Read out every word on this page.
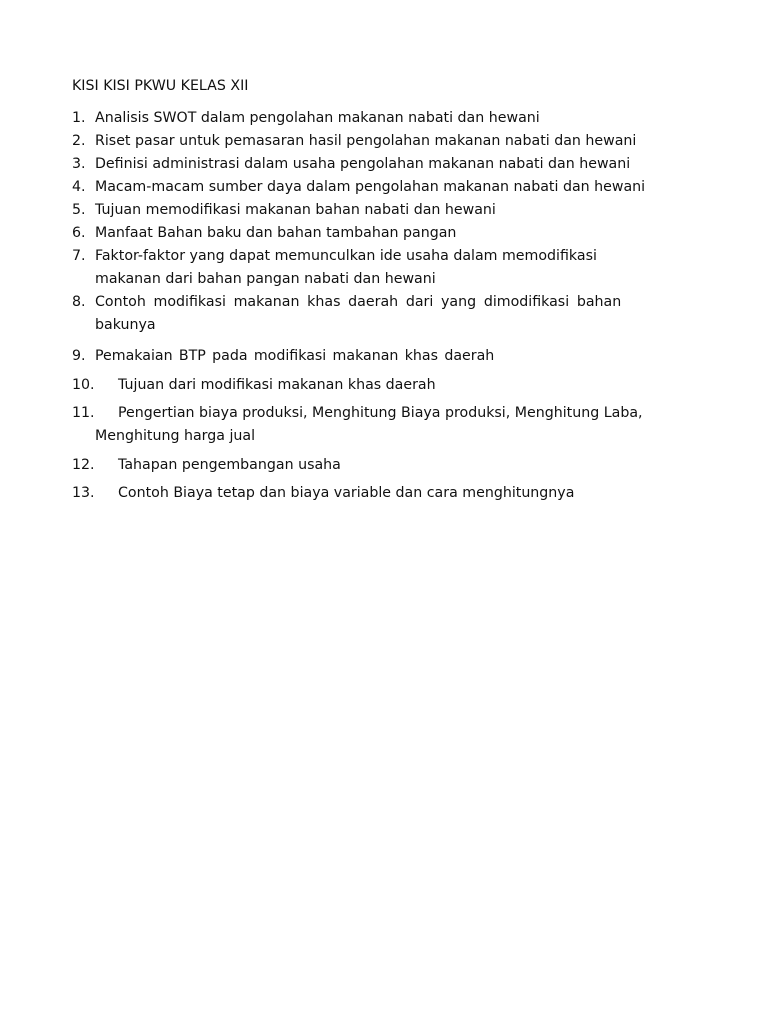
KISI KISI PKWU KELAS XII
1. Analisis SWOT dalam pengolahan makanan nabati dan hewani
2. Riset pasar untuk pemasaran hasil pengolahan makanan nabati dan hewani
3. Definisi administrasi dalam usaha pengolahan makanan nabati dan hewani
4. Macam-macam sumber daya dalam pengolahan makanan nabati dan hewani
5. Tujuan memodifikasi makanan bahan nabati dan hewani
6. Manfaat Bahan baku dan bahan tambahan pangan
7. Faktor-faktor yang dapat memunculkan ide usaha dalam memodifikasi
makanan dari bahan pangan nabati dan hewani
8. Contoh modifikasi makanan khas daerah dari yang dimodifikasi bahan
bakunya
9. Pemakaian BTP pada modifikasi makanan khas daerah
10. Tujuan dari modifikasi makanan khas daerah
11. Pengertian biaya produksi, Menghitung Biaya produksi, Menghitung Laba,
Menghitung harga jual
12. Tahapan pengembangan usaha
13. Contoh Biaya tetap dan biaya variable dan cara menghitungnya
